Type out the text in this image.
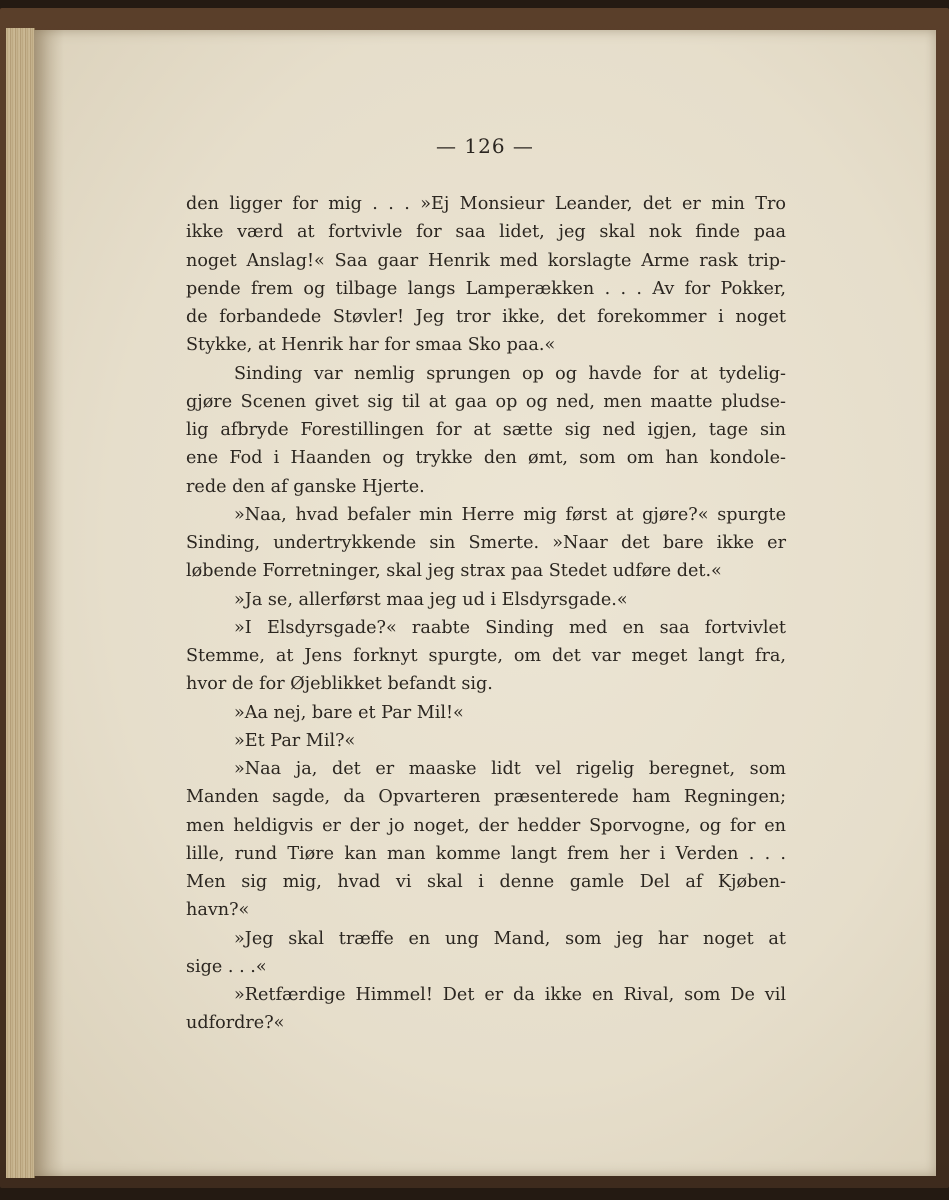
— 126 —

den ligger for mig . . . »Ej Monsieur Leander, det er min Tro

ikke værd at fortvivle for saa lidet, jeg skal nok finde paa

noget Anslag!« Saa gaar Henrik med korslagte Arme rask trip-

pende frem og tilbage langs Lamperækken . . . Av for Pokker,

de forbandede Støvler! Jeg tror ikke, det forekommer i noget

Stykke, at Henrik har for smaa Sko paa.«

Sinding var nemlig sprungen op og havde for at tydelig-

gjøre Scenen givet sig til at gaa op og ned, men maatte pludse-

lig afbryde Forestillingen for at sætte sig ned igjen, tage sin

ene Fod i Haanden og trykke den ømt, som om han kondole-

rede den af ganske Hjerte.

»Naa, hvad befaler min Herre mig først at gjøre?« spurgte

Sinding, undertrykkende sin Smerte. »Naar det bare ikke er

løbende Forretninger, skal jeg strax paa Stedet udføre det.«

»Ja se, allerførst maa jeg ud i Elsdyrsgade.«

»I Elsdyrsgade?« raabte Sinding med en saa fortvivlet

Stemme, at Jens forknyt spurgte, om det var meget langt fra,

hvor de for Øjeblikket befandt sig.

»Aa nej, bare et Par Mil!«

»Et Par Mil?«

»Naa ja, det er maaske lidt vel rigelig beregnet, som

Manden sagde, da Opvarteren præsenterede ham Regningen;

men heldigvis er der jo noget, der hedder Sporvogne, og for en

lille, rund Tiøre kan man komme langt frem her i Verden . . .

Men sig mig, hvad vi skal i denne gamle Del af Kjøben-

havn?«

»Jeg skal træffe en ung Mand, som jeg har noget at

sige . . .«

»Retfærdige Himmel! Det er da ikke en Rival, som De vil

udfordre?«
